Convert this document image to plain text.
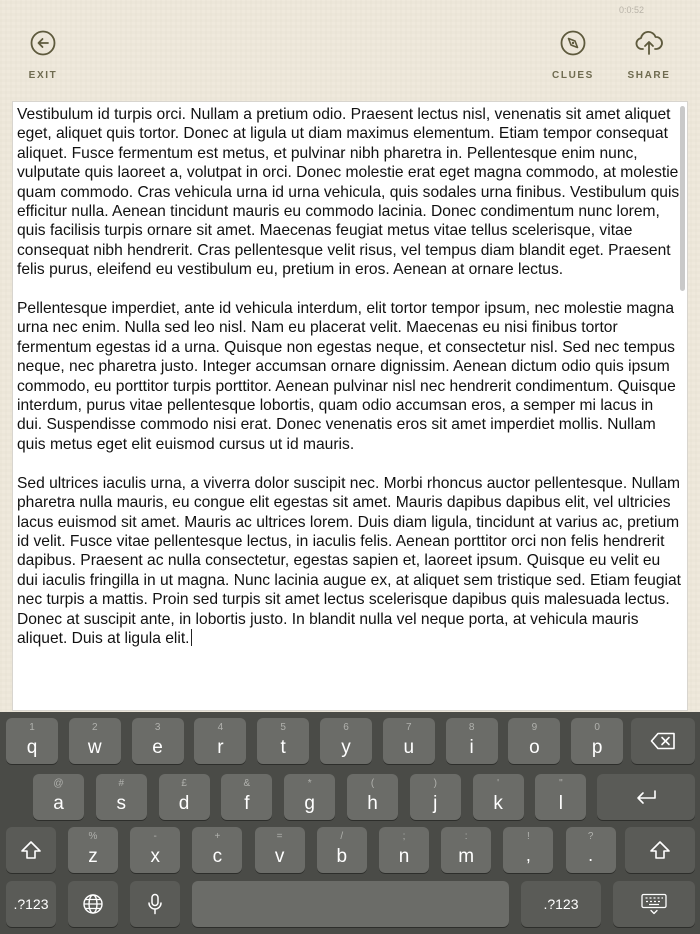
0:0:52
EXIT	CLUES	SHARE

Vestibulum id turpis orci. Nullam a pretium odio. Praesent lectus nisl, venenatis sit amet aliquet eget, aliquet quis tortor. Donec at ligula ut diam maximus elementum. Etiam tempor consequat aliquet. Fusce fermentum est metus, et pulvinar nibh pharetra in. Pellentesque enim nunc, vulputate quis laoreet a, volutpat in orci. Donec molestie erat eget magna commodo, at molestie quam commodo. Cras vehicula urna id urna vehicula, quis sodales urna finibus. Vestibulum quis efficitur nulla. Aenean tincidunt mauris eu commodo lacinia. Donec condimentum nunc lorem, quis facilisis turpis ornare sit amet. Maecenas feugiat metus vitae tellus scelerisque, vitae consequat nibh hendrerit. Cras pellentesque velit risus, vel tempus diam blandit eget. Praesent felis purus, eleifend eu vestibulum eu, pretium in eros. Aenean at ornare lectus.

Pellentesque imperdiet, ante id vehicula interdum, elit tortor tempor ipsum, nec molestie magna urna nec enim. Nulla sed leo nisl. Nam eu placerat velit. Maecenas eu nisi finibus tortor fermentum egestas id a urna. Quisque non egestas neque, et consectetur nisl. Sed nec tempus neque, nec pharetra justo. Integer accumsan ornare dignissim. Aenean dictum odio quis ipsum commodo, eu porttitor turpis porttitor. Aenean pulvinar nisl nec hendrerit condimentum. Quisque interdum, purus vitae pellentesque lobortis, quam odio accumsan eros, a semper mi lacus in dui. Suspendisse commodo nisi erat. Donec venenatis eros sit amet imperdiet mollis. Nullam quis metus eget elit euismod cursus ut id mauris.

Sed ultrices iaculis urna, a viverra dolor suscipit nec. Morbi rhoncus auctor pellentesque. Nullam pharetra nulla mauris, eu congue elit egestas sit amet. Mauris dapibus dapibus elit, vel ultricies lacus euismod sit amet. Mauris ac ultrices lorem. Duis diam ligula, tincidunt at varius ac, pretium id velit. Fusce vitae pellentesque lectus, in iaculis felis. Aenean porttitor orci non felis hendrerit dapibus. Praesent ac nulla consectetur, egestas sapien et, laoreet ipsum. Quisque eu velit eu dui iaculis fringilla in ut magna. Nunc lacinia augue ex, at aliquet sem tristique sed. Etiam feugiat nec turpis a mattis. Proin sed turpis sit amet lectus scelerisque dapibus quis malesuada lectus. Donec at suscipit ante, in lobortis justo. In blandit nulla vel neque porta, at vehicula mauris aliquet. Duis at ligula elit.

1
q
2
w
3
e
4
r
5
t
6
y
7
u
8
i
9
o
0
p
@
a
#
s
£
d
&
f
*
g
(
h
)
j
'
k
"
l
%
z
-
x
+
c
=
v
/
b
;
n
:
m
!
,
?
.
.?123	.?123
